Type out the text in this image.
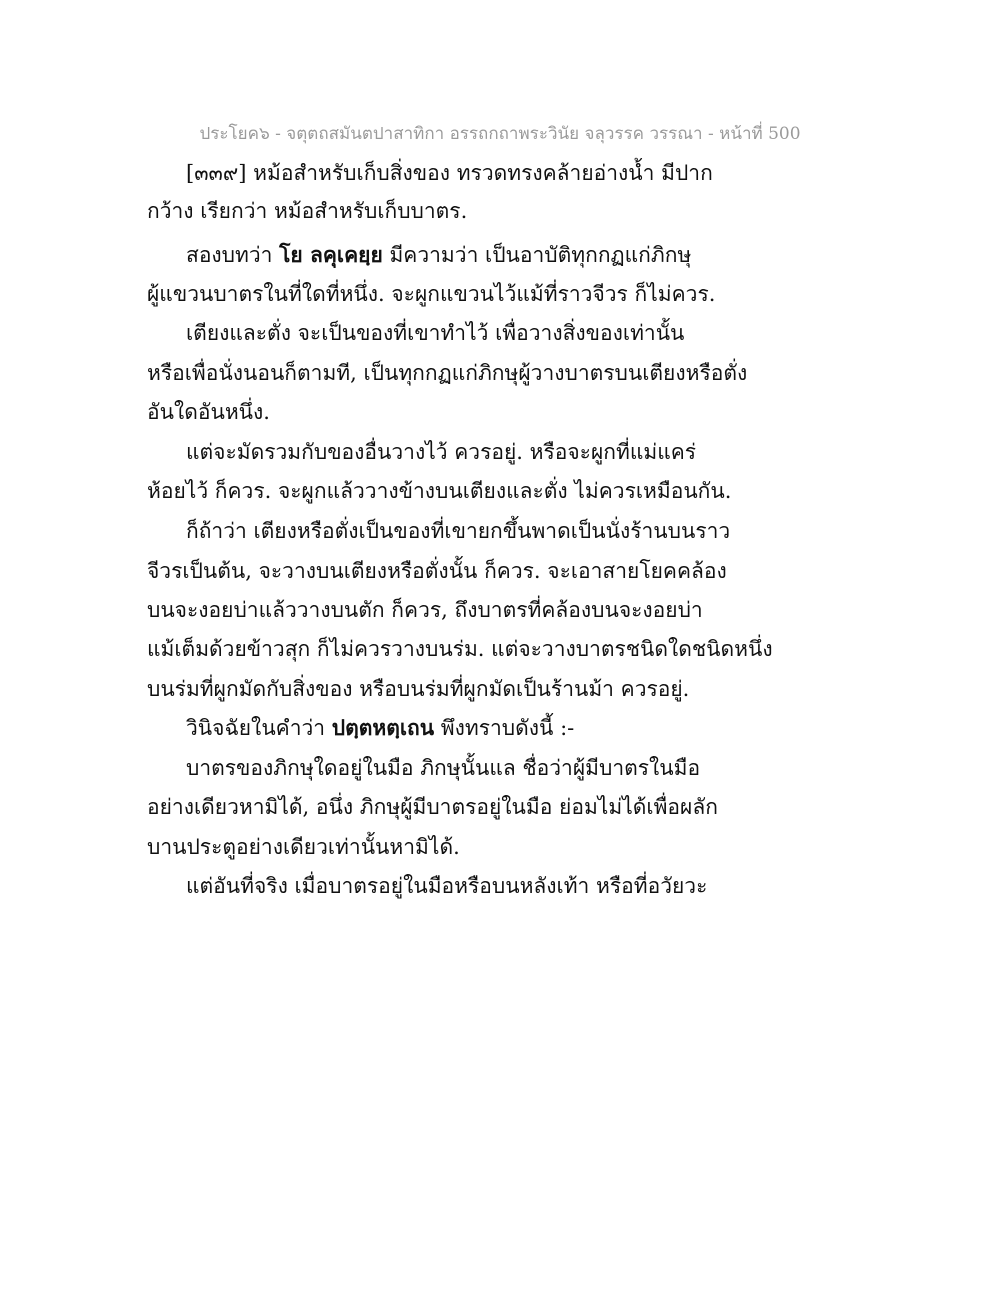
ประโยค๖ - จตุตถสมันตปาสาทิกา อรรถกถาพระวินัย จลุวรรค วรรณา - หน้าที่ 500
[๓๓๙] หม้อสำหรับเก็บสิ่งของ ทรวดทรงคล้ายอ่างน้ำ มีปาก
กว้าง เรียกว่า หม้อสำหรับเก็บบาตร.
สองบทว่า โย ลคุเคยฺย มีความว่า เป็นอาบัติทุกกฏแก่ภิกษุ
ผู้แขวนบาตรในที่ใดที่หนึ่ง. จะผูกแขวนไว้แม้ที่ราวจีวร ก็ไม่ควร.
เตียงและตั่ง จะเป็นของที่เขาทำไว้ เพื่อวางสิ่งของเท่านั้น
หรือเพื่อนั่งนอนก็ตามที, เป็นทุกกฏแก่ภิกษุผู้วางบาตรบนเตียงหรือตั่ง
อันใดอันหนึ่ง.
แต่จะมัดรวมกับของอื่นวางไว้ ควรอยู่. หรือจะผูกที่แม่แคร่
ห้อยไว้ ก็ควร. จะผูกแล้ววางข้างบนเตียงและตั่ง ไม่ควรเหมือนกัน.
ก็ถ้าว่า เตียงหรือตั่งเป็นของที่เขายกขึ้นพาดเป็นนั่งร้านบนราว
จีวรเป็นต้น, จะวางบนเตียงหรือตั่งนั้น ก็ควร. จะเอาสายโยคคล้อง
บนจะงอยบ่าแล้ววางบนตัก ก็ควร, ถึงบาตรที่คล้องบนจะงอยบ่า
แม้เต็มด้วยข้าวสุก ก็ไม่ควรวางบนร่ม. แต่จะวางบาตรชนิดใดชนิดหนึ่ง
บนร่มที่ผูกมัดกับสิ่งของ หรือบนร่มที่ผูกมัดเป็นร้านม้า ควรอยู่.
วินิจฉัยในคำว่า ปตฺตหตฺเถน พึงทราบดังนี้ :-
บาตรของภิกษุใดอยู่ในมือ ภิกษุนั้นแล ชื่อว่าผู้มีบาตรในมือ
อย่างเดียวหามิได้, อนึ่ง ภิกษุผู้มีบาตรอยู่ในมือ ย่อมไม่ได้เพื่อผลัก
บานประตูอย่างเดียวเท่านั้นหามิได้.
แต่อันที่จริง เมื่อบาตรอยู่ในมือหรือบนหลังเท้า หรือที่อวัยวะ
